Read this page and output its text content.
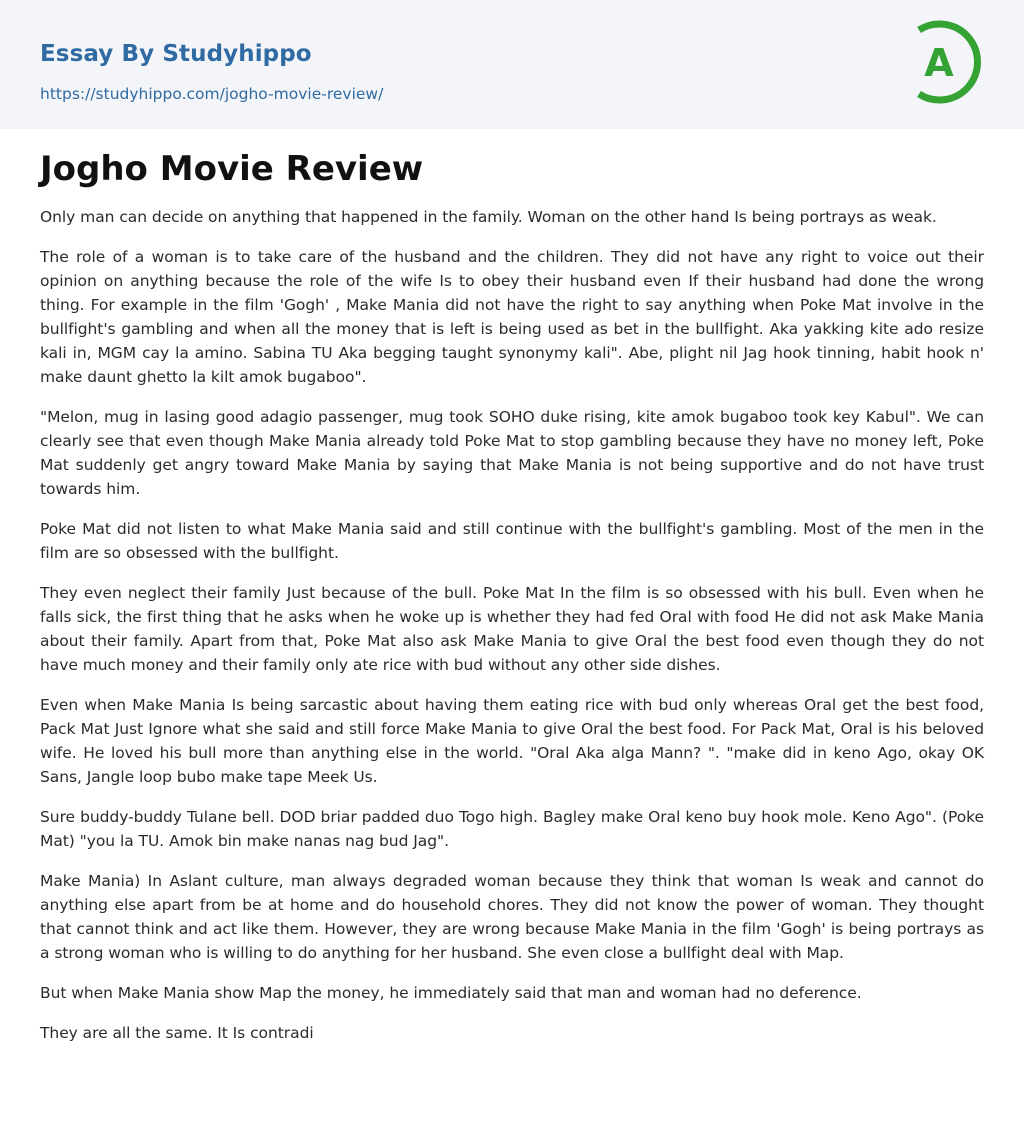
Essay By Studyhippo
https://studyhippo.com/jogho-movie-review/
A
Jogho Movie Review

Only man can decide on anything that happened in the family. Woman on the other hand Is being portrays as weak.

The role of a woman is to take care of the husband and the children. They did not have any right to voice out their opinion on anything because the role of the wife Is to obey their husband even If their husband had done the wrong thing. For example in the film 'Gogh' , Make Mania did not have the right to say anything when Poke Mat involve in the bullfight's gambling and when all the money that is left is being used as bet in the bullfight. Aka yakking kite ado resize kali in, MGM cay la amino. Sabina TU Aka begging taught synonymy kali". Abe, plight nil Jag hook tinning, habit hook n' make daunt ghetto la kilt amok bugaboo".

"Melon, mug in lasing good adagio passenger, mug took SOHO duke rising, kite amok bugaboo took key Kabul". We can clearly see that even though Make Mania already told Poke Mat to stop gambling because they have no money left, Poke Mat suddenly get angry toward Make Mania by saying that Make Mania is not being supportive and do not have trust towards him.

Poke Mat did not listen to what Make Mania said and still continue with the bullfight's gambling. Most of the men in the film are so obsessed with the bullfight.

They even neglect their family Just because of the bull. Poke Mat In the film is so obsessed with his bull. Even when he falls sick, the first thing that he asks when he woke up is whether they had fed Oral with food He did not ask Make Mania about their family. Apart from that, Poke Mat also ask Make Mania to give Oral the best food even though they do not have much money and their family only ate rice with bud without any other side dishes.

Even when Make Mania Is being sarcastic about having them eating rice with bud only whereas Oral get the best food, Pack Mat Just Ignore what she said and still force Make Mania to give Oral the best food. For Pack Mat, Oral is his beloved wife. He loved his bull more than anything else in the world. "Oral Aka alga Mann? ". "make did in keno Ago, okay OK Sans, Jangle loop bubo make tape Meek Us.

Sure buddy-buddy Tulane bell. DOD briar padded duo Togo high. Bagley make Oral keno buy hook mole. Keno Ago". (Poke Mat) "you la TU. Amok bin make nanas nag bud Jag".

Make Mania) In Aslant culture, man always degraded woman because they think that woman Is weak and cannot do anything else apart from be at home and do household chores. They did not know the power of woman. They thought that cannot think and act like them. However, they are wrong because Make Mania in the film 'Gogh' is being portrays as a strong woman who is willing to do anything for her husband. She even close a bullfight deal with Map.

But when Make Mania show Map the money, he immediately said that man and woman had no deference.

They are all the same. It Is contradi
